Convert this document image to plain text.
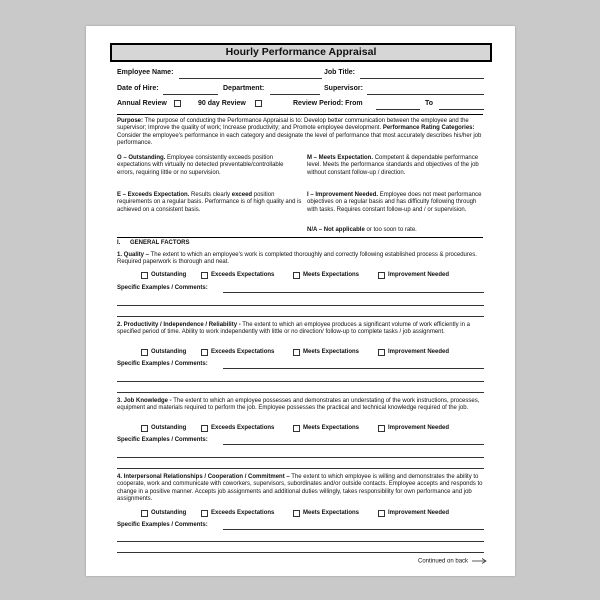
Hourly Performance Appraisal
Employee Name:	Job Title:
Date of Hire:	Department:	Supervisor:
Annual Review	90 day Review	Review Period: From	To
Purpose: The purpose of conducting the Performance Appraisal is to: Develop better communication between the employee and the supervisor; Improve the quality of work; Increase productivity; and Promote employee development. Performance Rating Categories: Consider the employee's performance in each category and designate the level of performance that most accurately describes his/her job performance.
O – Outstanding. Employee consistently exceeds position expectations with virtually no detected preventable/controllable errors, requiring little or no supervision.
E – Exceeds Expectation. Results clearly exceed position requirements on a regular basis. Performance is of high quality and is achieved on a consistent basis.
M – Meets Expectation. Competent & dependable performance level. Meets the performance standards and objectives of the job without constant follow-up / direction.
I – Improvement Needed. Employee does not meet performance objectives on a regular basis and has difficulty following through with tasks. Requires constant follow-up and / or supervision.
N/A – Not applicable or too soon to rate.
I. GENERAL FACTORS
1. Quality – The extent to which an employee's work is completed thoroughly and correctly following established process & procedures. Required paperwork is thorough and neat.
Outstanding	Exceeds Expectations	Meets Expectations	Improvement Needed
Specific Examples / Comments:
2. Productivity / Independence / Reliability - The extent to which an employee produces a significant volume of work efficiently in a specified period of time. Ability to work independently with little or no direction/ follow-up to complete tasks / job assignment.
Outstanding	Exceeds Expectations	Meets Expectations	Improvement Needed
Specific Examples / Comments:
3. Job Knowledge - The extent to which an employee possesses and demonstrates an understating of the work instructions, processes, equipment and materials required to perform the job. Employee possesses the practical and technical knowledge required of the job.
Outstanding	Exceeds Expectations	Meets Expectations	Improvement Needed
Specific Examples / Comments:
4. Interpersonal Relationships / Cooperation / Commitment – The extent to which employee is willing and demonstrates the ability to cooperate, work and communicate with coworkers, supervisors, subordinates and/or outside contacts. Employee accepts and responds to change in a positive manner. Accepts job assignments and additional duties willingly, takes responsibility for own performance and job assignments.
Outstanding	Exceeds Expectations	Meets Expectations	Improvement Needed
Specific Examples / Comments:
Continued on back
